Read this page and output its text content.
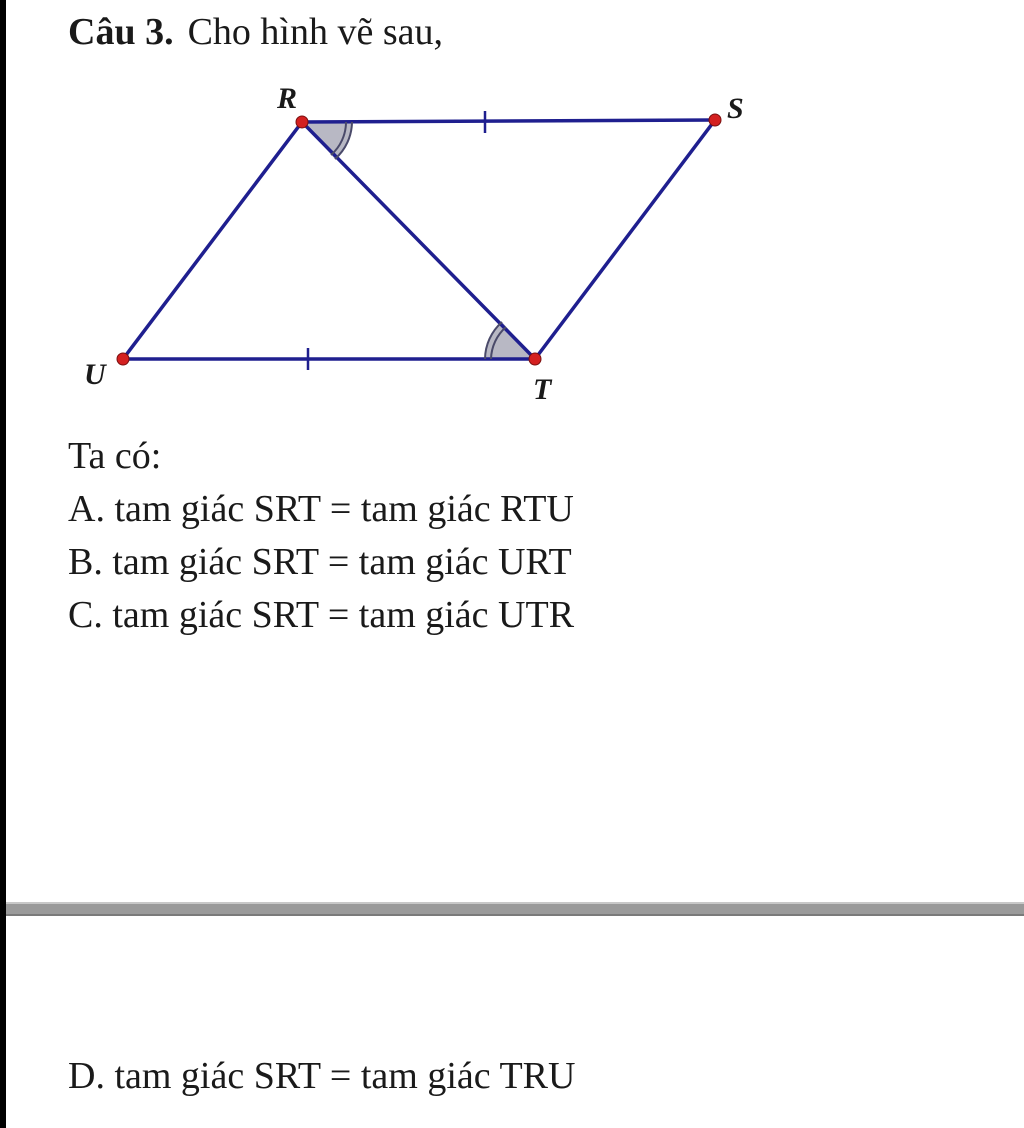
Câu 3. Cho hình vẽ sau,
R	S
T
U
Ta có:
A. tam giác SRT = tam giác RTU
B. tam giác SRT = tam giác URT
C. tam giác SRT = tam giác UTR
D. tam giác SRT = tam giác TRU
